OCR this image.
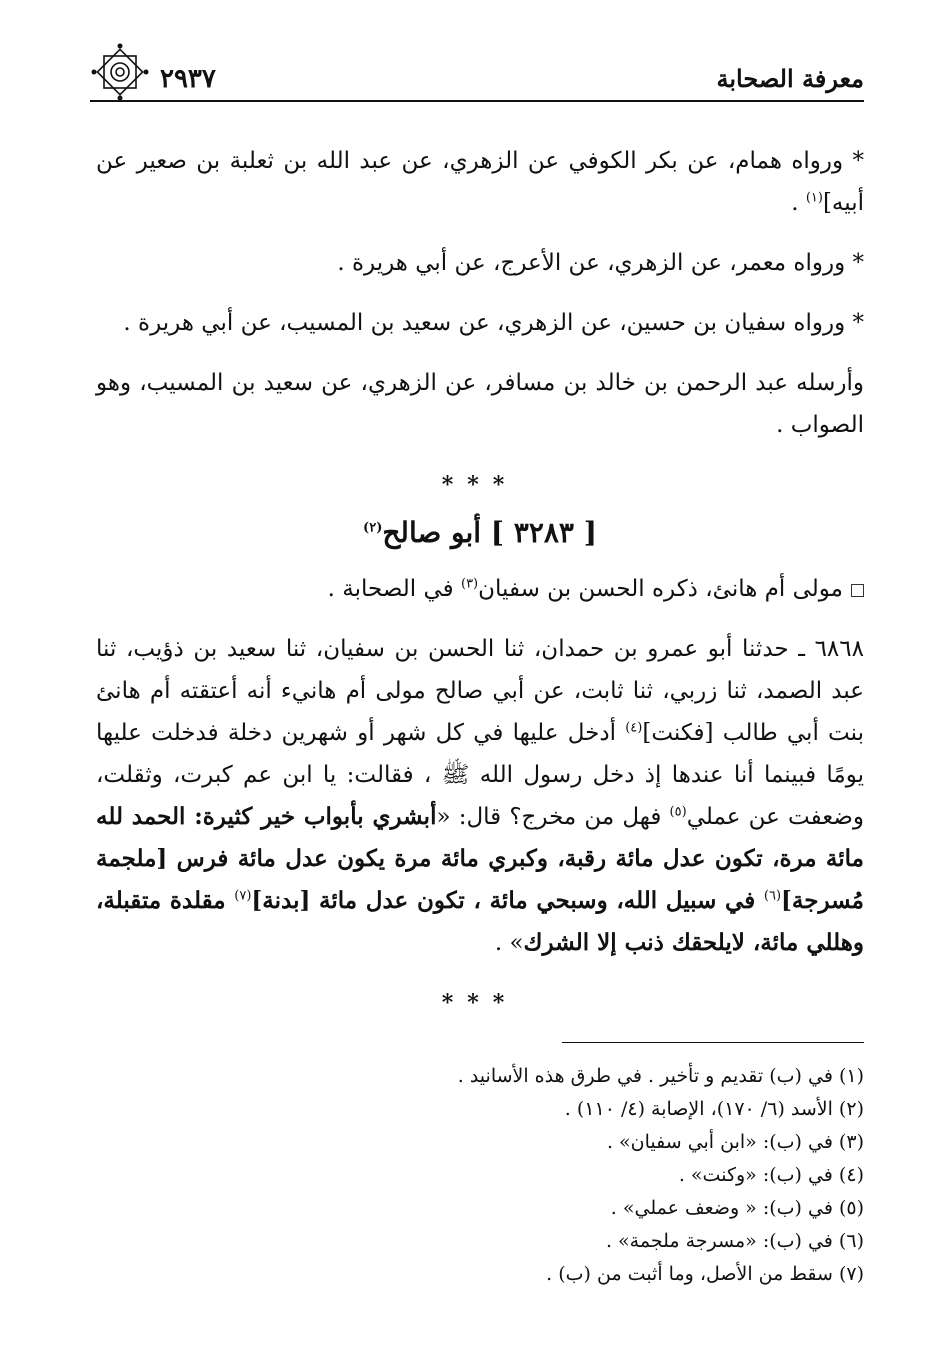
٢٩٣٧	معرفة الصحابة

* ورواه همام، عن بكر الكوفي عن الزهري، عن عبد الله بن ثعلبة بن صعير عن أبيه]$^{(١)}$ .

* ورواه معمر، عن الزهري، عن الأعرج، عن أبي هريرة .

* ورواه سفيان بن حسين، عن الزهري، عن سعيد بن المسيب، عن أبي هريرة .

وأرسله عبد الرحمن بن خالد بن مسافر، عن الزهري، عن سعيد بن المسيب، وهو الصواب .

***
[ ٣٢٨٣ ] أبو صالح$^{(٢)}$

مولى أم هانئ، ذكره الحسن بن سفيان$^{(٣)}$ في الصحابة .

٦٨٦٨ ـ حدثنا أبو عمرو بن حمدان، ثنا الحسن بن سفيان، ثنا سعيد بن ذؤيب، ثنا عبد الصمد، ثنا زربي، ثنا ثابت، عن أبي صالح مولى أم هانيء أنه أعتقته أم هانئ بنت أبي طالب [فكنت]$^{(٤)}$ أدخل عليها في كل شهر أو شهرين دخلة فدخلت عليها يومًا فبينما أنا عندها إذ دخل رسول الله ﷺ ، فقالت: يا ابن عم كبرت، وثقلت، وضعفت عن عملي$^{(٥)}$ فهل من مخرج؟ قال: «أبشري بأبواب خير كثيرة: الحمد لله مائة مرة، تكون عدل مائة رقبة، وكبري مائة مرة يكون عدل مائة فرس [ملجمة مُسرجة]$^{(٦)}$ في سبيل الله، وسبحي مائة ، تكون عدل مائة [بدنة]$^{(٧)}$ مقلدة متقبلة، وهللي مائة، لايلحقك ذنب إلا الشرك» .

***
(١) في (ب) تقديم و تأخير . في طرق هذه الأسانيد .
(٢) الأسد (٦/ ١٧٠)، الإصابة (٤/ ١١٠) .
(٣) في (ب): «ابن أبي سفيان» .
(٤) في (ب): «وكنت» .
(٥) في (ب): « وضعف عملي» .
(٦) في (ب): «مسرجة ملجمة» .
(٧) سقط من الأصل، وما أثبت من (ب) .
